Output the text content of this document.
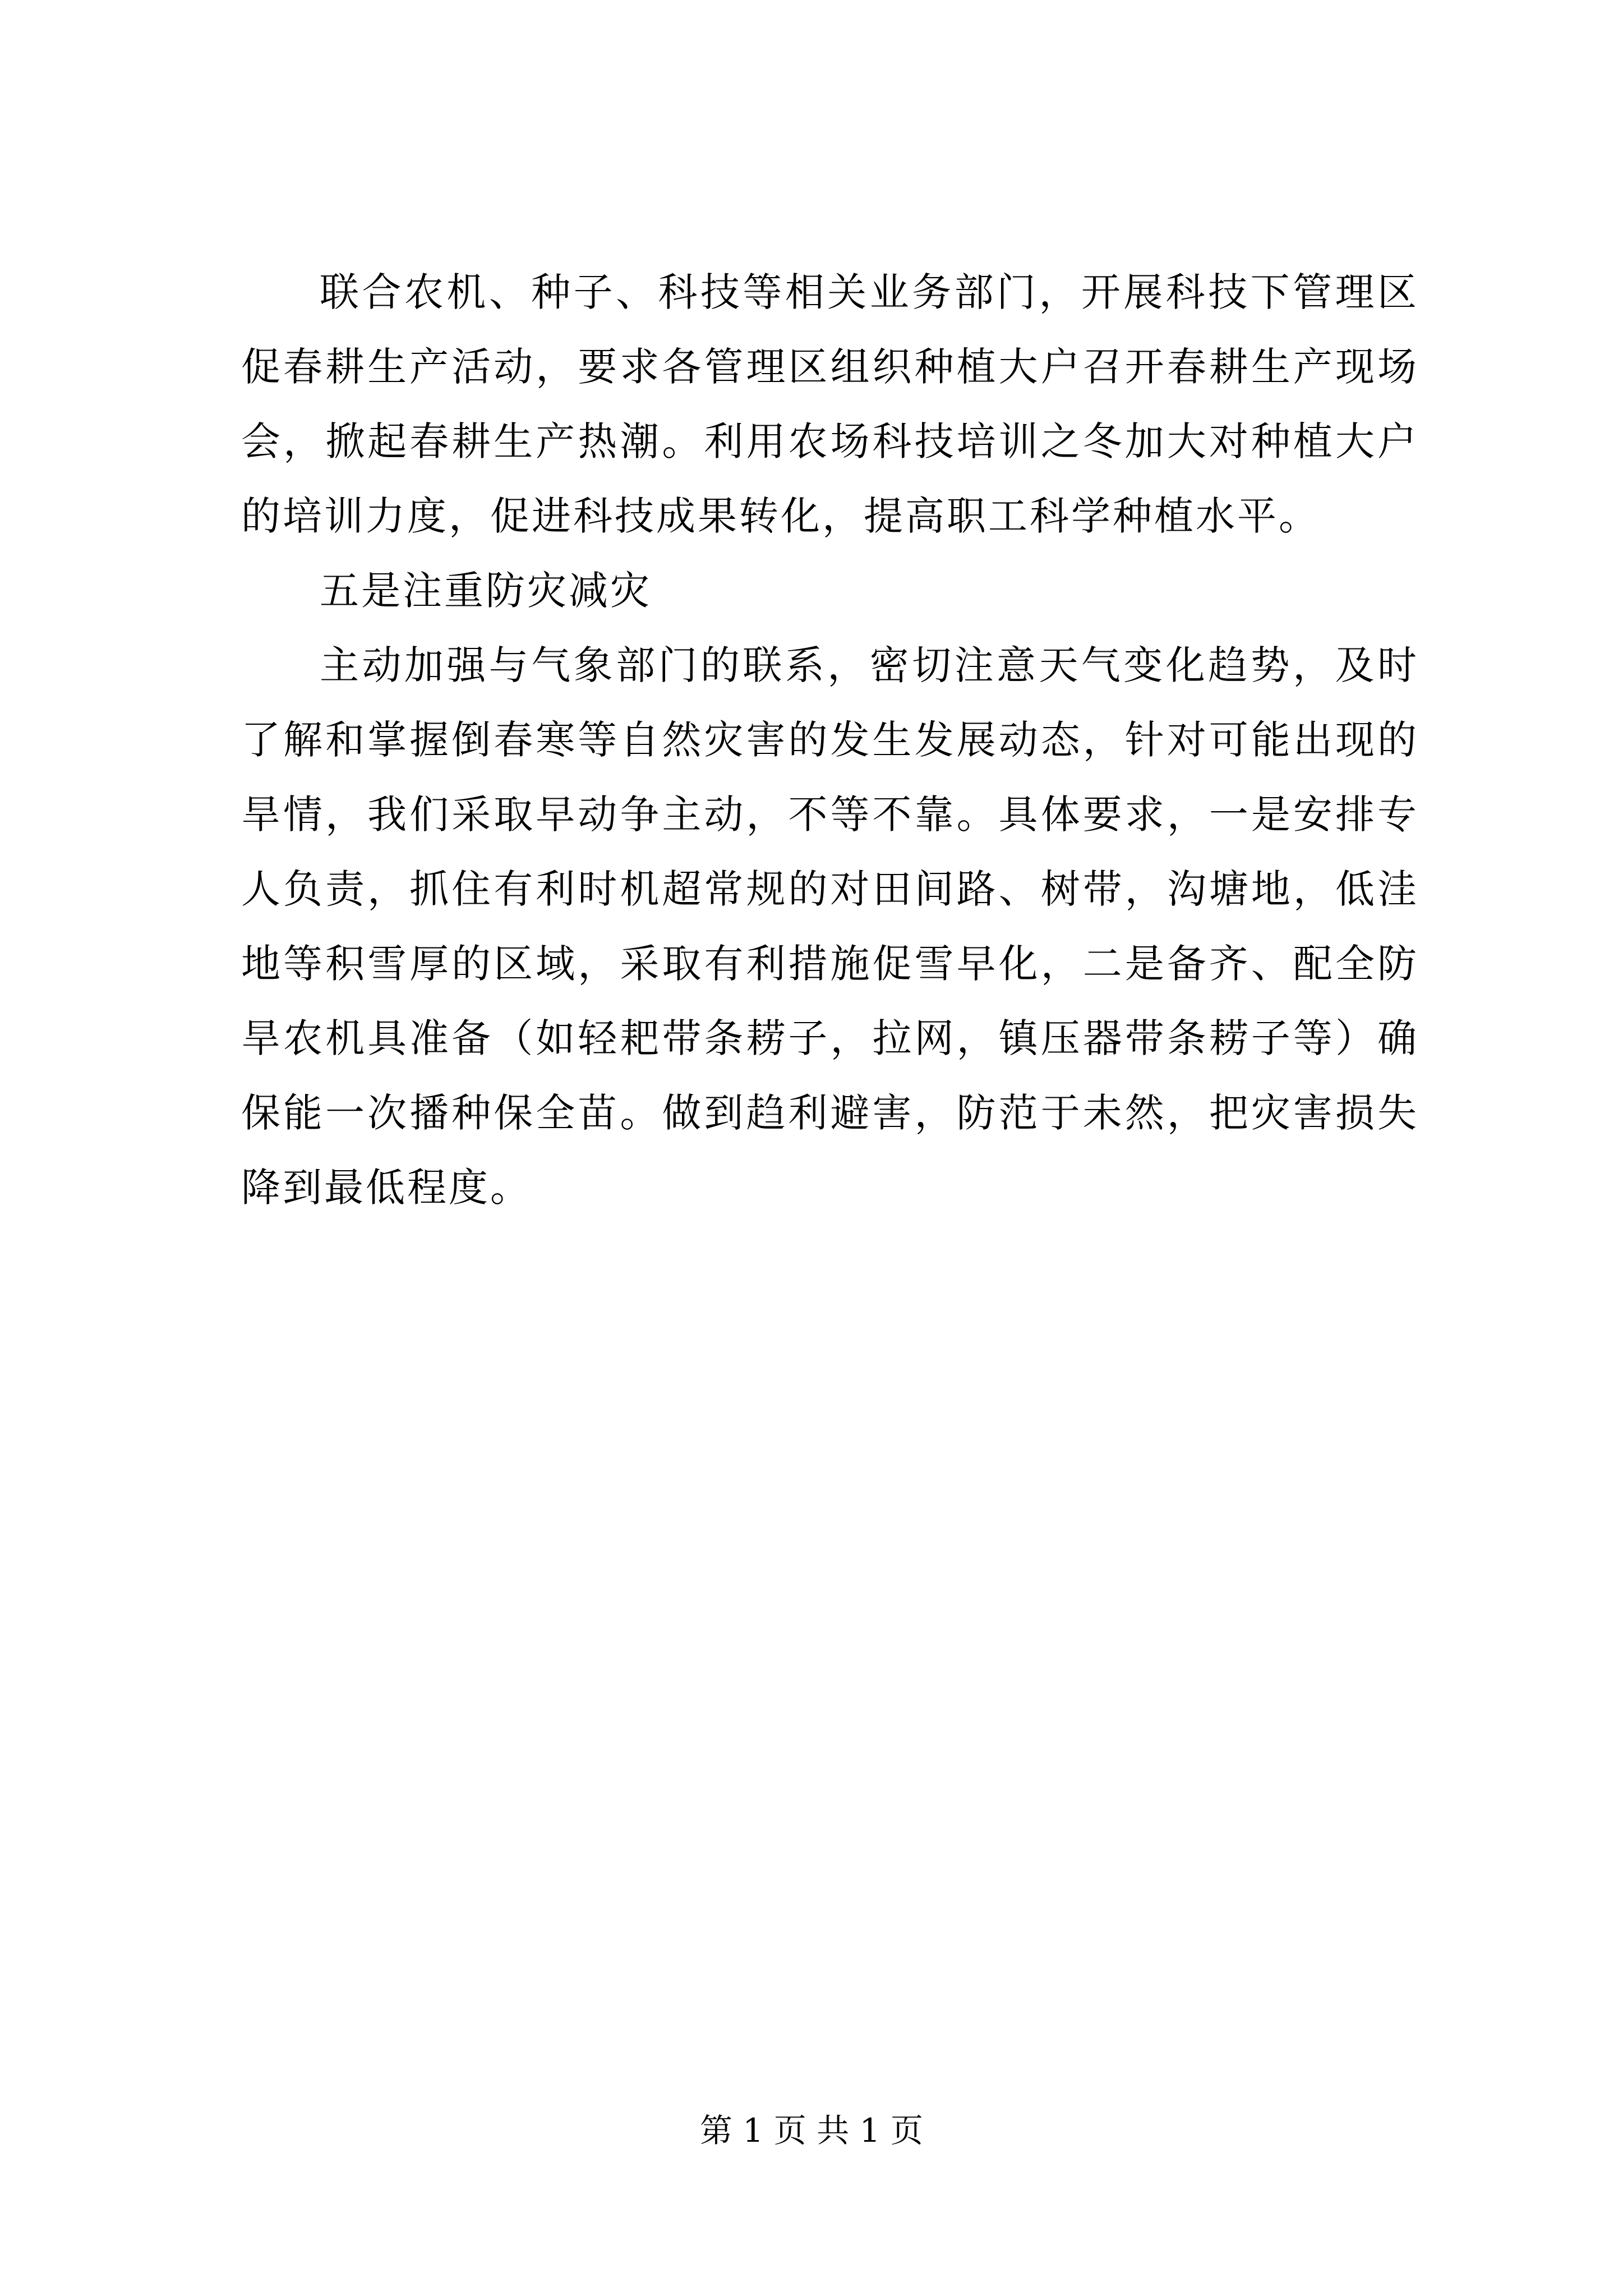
联合农机、种子、科技等相关业务部门，开展科技下管理区促春耕生产活动，要求各管理区组织种植大户召开春耕生产现场会，掀起春耕生产热潮。利用农场科技培训之冬加大对种植大户的培训力度，促进科技成果转化，提高职工科学种植水平。

五是注重防灾减灾

主动加强与气象部门的联系，密切注意天气变化趋势，及时了解和掌握倒春寒等自然灾害的发生发展动态，针对可能出现的旱情，我们采取早动争主动，不等不靠。具体要求，一是安排专人负责，抓住有利时机超常规的对田间路、树带，沟塘地，低洼地等积雪厚的区域，采取有利措施促雪早化，二是备齐、配全防旱农机具准备（如轻耙带条耢子，拉网，镇压器带条耢子等）确保能一次播种保全苗。做到趋利避害，防范于未然，把灾害损失降到最低程度。

第 1 页 共 1 页
